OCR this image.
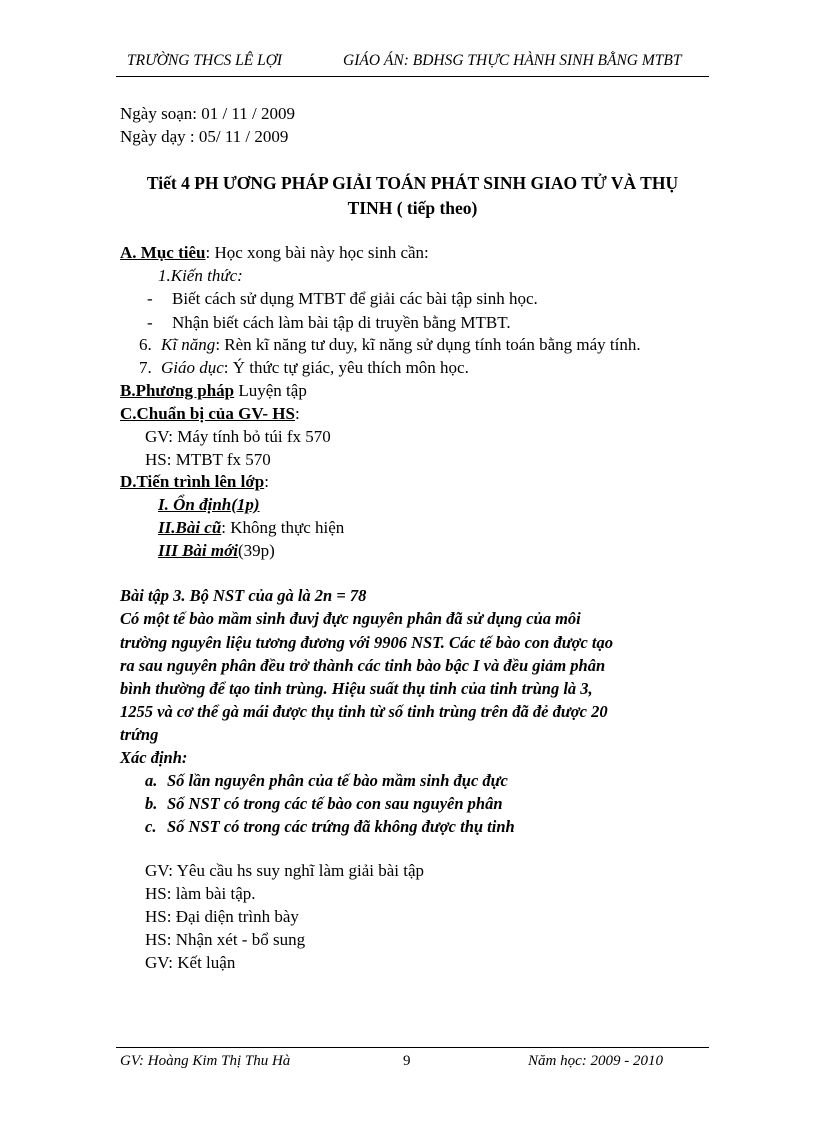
TRƯỜNG THCS LÊ LỢI	GIÁO ÁN: BDHSG THỰC HÀNH SINH BẰNG MTBT
Ngày soạn: 01 / 11 / 2009
Ngày dạy : 05/ 11 / 2009
Tiết 4 PH ƯƠNG PHÁP GIẢI TOÁN PHÁT SINH GIAO TỬ VÀ THỤ
TINH ( tiếp theo)
A. Mục tiêu: Học xong bài này học sinh cần:
1.Kiến thức:
- Biết cách sử dụng MTBT để giải các bài tập sinh học.
- Nhận biết cách làm bài tập di truyền bằng MTBT.
6. Kĩ năng: Rèn kĩ năng tư duy, kĩ năng sử dụng tính toán bằng máy tính.
7. Giáo dục: Ý thức tự giác, yêu thích môn học.
B.Phương pháp Luyện tập
C.Chuẩn bị của GV- HS:
GV: Máy tính bỏ túi fx 570
HS: MTBT fx 570
D.Tiến trình lên lớp:
I. Ổn định(1p)
II.Bài cũ: Không thực hiện
III Bài mới(39p)
Bài tập 3. Bộ NST của gà là 2n = 78
Có một tế bào mầm sinh đuvj đực nguyên phân đã sử dụng của môi
trường nguyên liệu tương đương với 9906 NST. Các tế bào con được tạo
ra sau nguyên phân đều trở thành các tinh bào bậc I và đều giảm phân
bình thường để tạo tinh trùng. Hiệu suất thụ tinh của tinh trùng là 3,
1255 và cơ thể gà mái được thụ tinh từ số tinh trùng trên đã đẻ được 20
trứng
Xác định:
a. Số lần nguyên phân của tế bào mầm sinh đục đực
b. Số NST có trong các tế bào con sau nguyên phân
c. Số NST có trong các trứng đã không được thụ tinh
GV: Yêu cầu hs suy nghĩ làm giải bài tập
HS: làm bài tập.
HS: Đại diện trình bày
HS: Nhận xét - bổ sung
GV: Kết luận
GV: Hoàng Kim Thị Thu Hà	9	Năm học: 2009 - 2010
